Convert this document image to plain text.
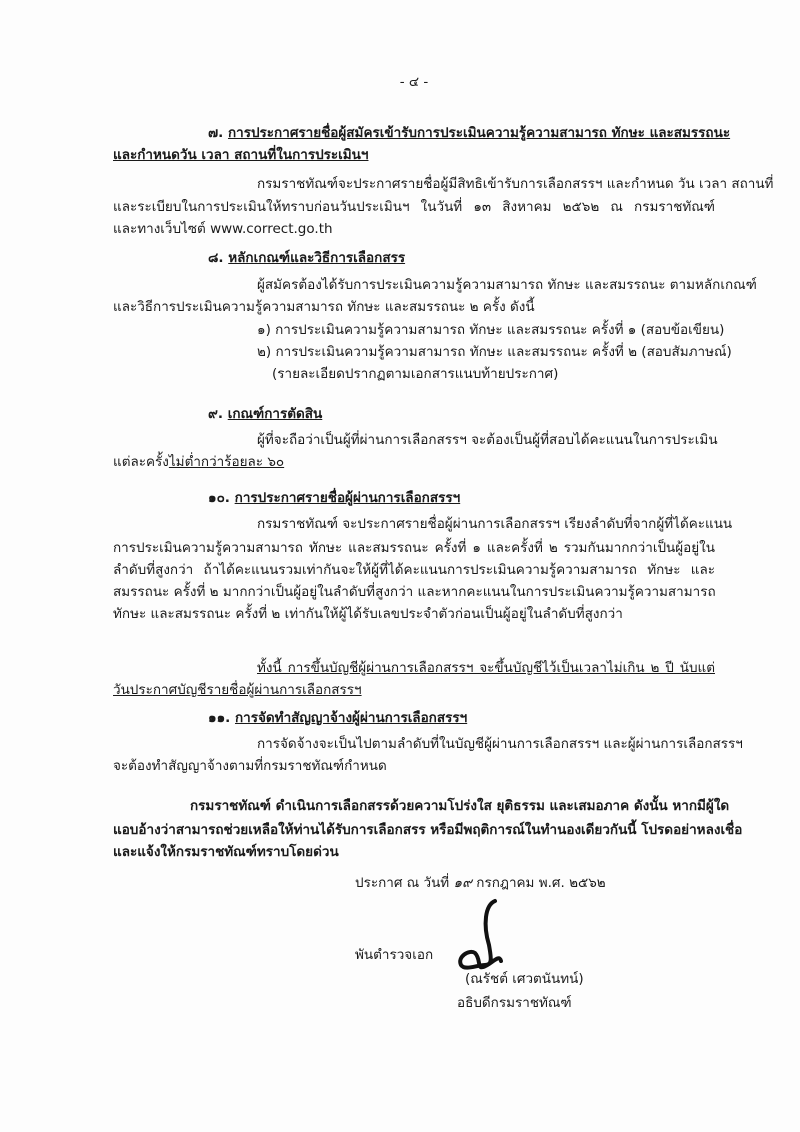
- ๔ -
๗. การประกาศรายชื่อผู้สมัครเข้ารับการประเมินความรู้ความสามารถ ทักษะ และสมรรถนะ
และกำหนดวัน เวลา สถานที่ในการประเมินฯ
กรมราชทัณฑ์จะประกาศรายชื่อผู้มีสิทธิเข้ารับการเลือกสรรฯ และกำหนด วัน เวลา สถานที่
และระเบียบในการประเมินให้ทราบก่อนวันประเมินฯ ในวันที่ ๑๓ สิงหาคม ๒๕๖๒ ณ กรมราชทัณฑ์
และทางเว็บไซต์ www.correct.go.th
๘. หลักเกณฑ์และวิธีการเลือกสรร
ผู้สมัครต้องได้รับการประเมินความรู้ความสามารถ ทักษะ และสมรรถนะ ตามหลักเกณฑ์
และวิธีการประเมินความรู้ความสามารถ ทักษะ และสมรรถนะ ๒ ครั้ง ดังนี้
๑) การประเมินความรู้ความสามารถ ทักษะ และสมรรถนะ ครั้งที่ ๑ (สอบข้อเขียน)
๒) การประเมินความรู้ความสามารถ ทักษะ และสมรรถนะ ครั้งที่ ๒ (สอบสัมภาษณ์)
(รายละเอียดปรากฏตามเอกสารแนบท้ายประกาศ)
๙. เกณฑ์การตัดสิน
ผู้ที่จะถือว่าเป็นผู้ที่ผ่านการเลือกสรรฯ จะต้องเป็นผู้ที่สอบได้คะแนนในการประเมิน
แต่ละครั้งไม่ต่ำกว่าร้อยละ ๖๐
๑๐. การประกาศรายชื่อผู้ผ่านการเลือกสรรฯ
กรมราชทัณฑ์ จะประกาศรายชื่อผู้ผ่านการเลือกสรรฯ เรียงลำดับที่จากผู้ที่ได้คะแนน
การประเมินความรู้ความสามารถ ทักษะ และสมรรถนะ ครั้งที่ ๑ และครั้งที่ ๒ รวมกันมากกว่าเป็นผู้อยู่ใน
ลำดับที่สูงกว่า ถ้าได้คะแนนรวมเท่ากันจะให้ผู้ที่ได้คะแนนการประเมินความรู้ความสามารถ ทักษะ และ
สมรรถนะ ครั้งที่ ๒ มากกว่าเป็นผู้อยู่ในลำดับที่สูงกว่า และหากคะแนนในการประเมินความรู้ความสามารถ
ทักษะ และสมรรถนะ ครั้งที่ ๒ เท่ากันให้ผู้ได้รับเลขประจำตัวก่อนเป็นผู้อยู่ในลำดับที่สูงกว่า
ทั้งนี้ การขึ้นบัญชีผู้ผ่านการเลือกสรรฯ จะขึ้นบัญชีไว้เป็นเวลาไม่เกิน ๒ ปี นับแต่
วันประกาศบัญชีรายชื่อผู้ผ่านการเลือกสรรฯ
๑๑. การจัดทำสัญญาจ้างผู้ผ่านการเลือกสรรฯ
การจัดจ้างจะเป็นไปตามลำดับที่ในบัญชีผู้ผ่านการเลือกสรรฯ และผู้ผ่านการเลือกสรรฯ
จะต้องทำสัญญาจ้างตามที่กรมราชทัณฑ์กำหนด
กรมราชทัณฑ์ ดำเนินการเลือกสรรด้วยความโปร่งใส ยุติธรรม และเสมอภาค ดังนั้น หากมีผู้ใด
แอบอ้างว่าสามารถช่วยเหลือให้ท่านได้รับการเลือกสรร หรือมีพฤติการณ์ในทำนองเดียวกันนี้ โปรดอย่าหลงเชื่อ
และแจ้งให้กรมราชทัณฑ์ทราบโดยด่วน
ประกาศ ณ วันที่ ๑๙ กรกฎาคม พ.ศ. ๒๕๖๒
พันตำรวจเอก
(ณรัชต์ เศวตนันทน์)
อธิบดีกรมราชทัณฑ์
